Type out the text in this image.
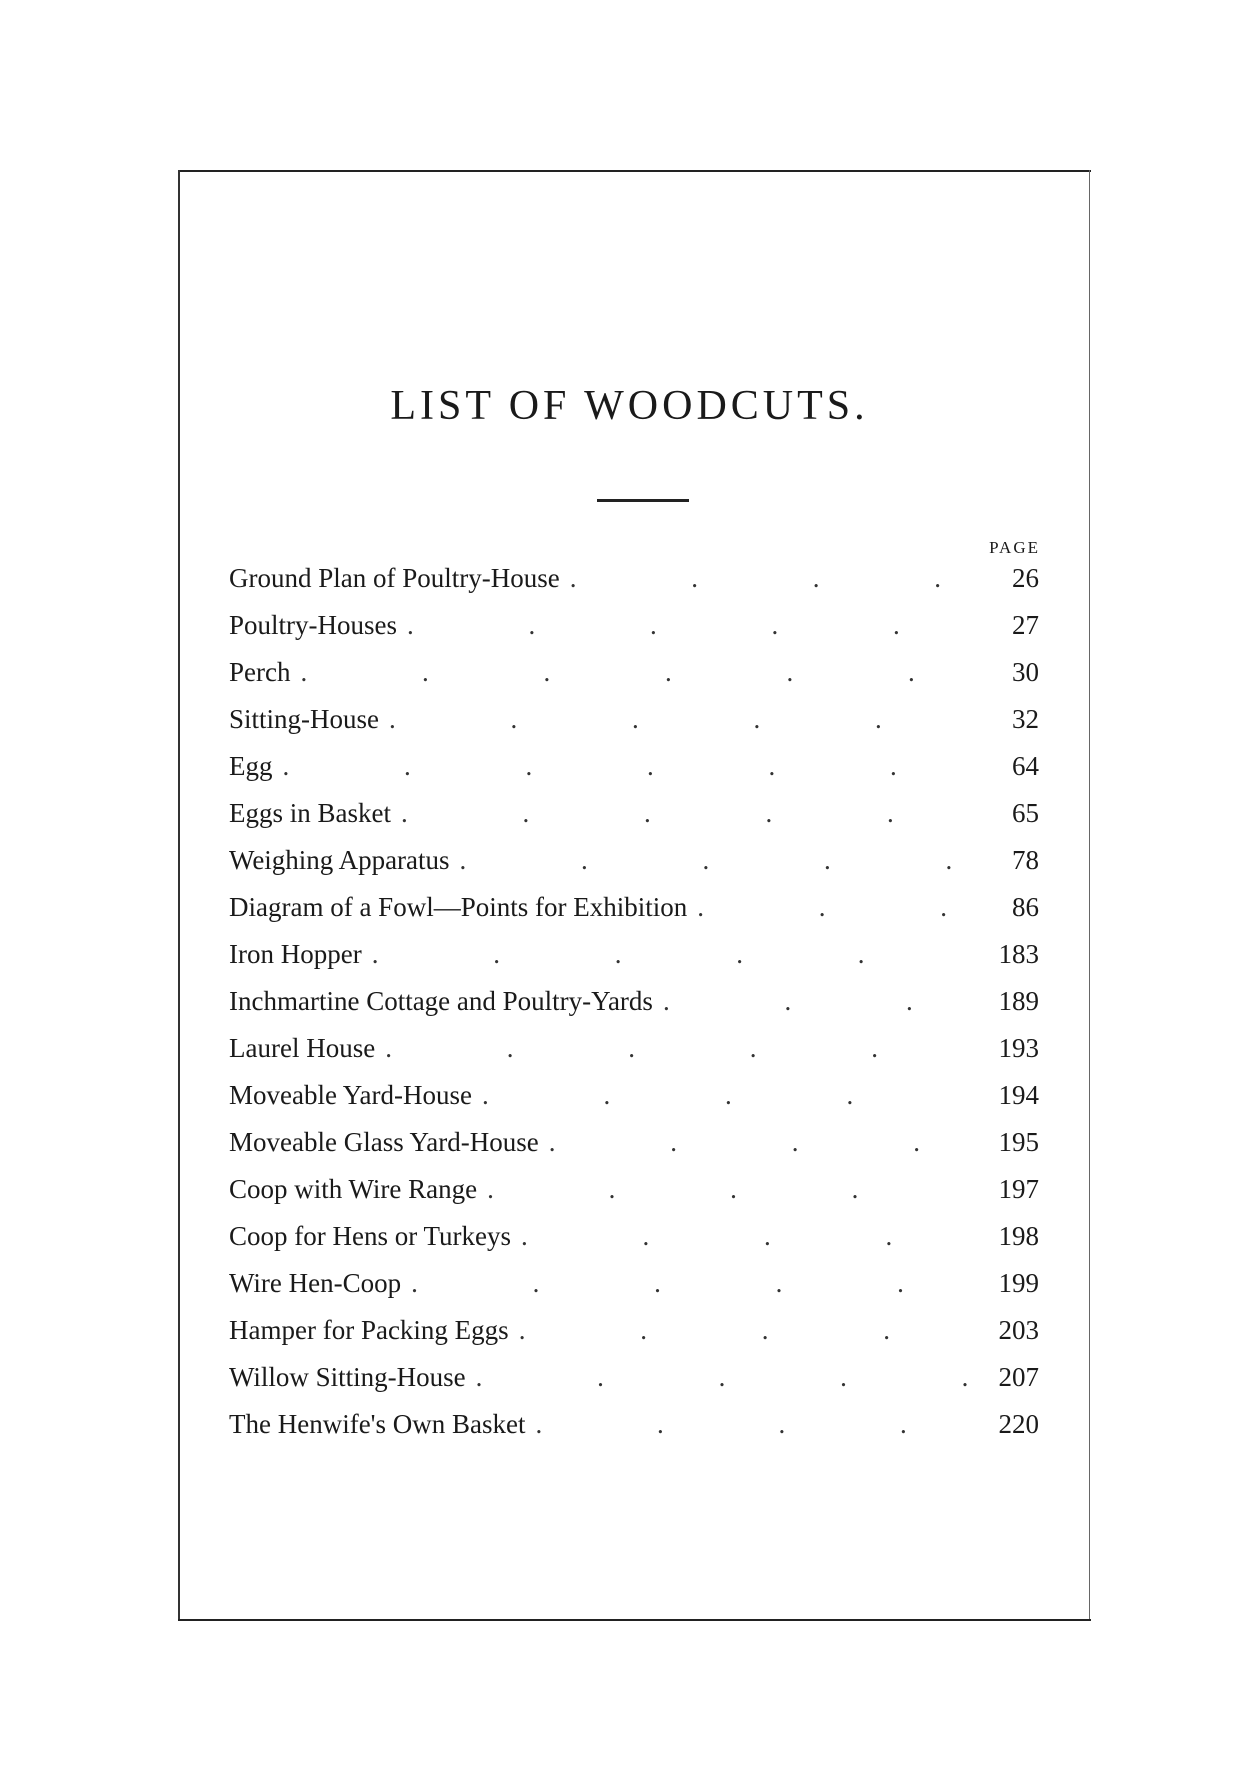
LIST OF WOODCUTS.
PAGE
Ground Plan of Poultry-House .	26
Poultry-Houses .	27
Perch .	30
Sitting-House .	32
Egg .	64
Eggs in Basket .	65
Weighing Apparatus .	78
Diagram of a Fowl—Points for Exhibition .	86
Iron Hopper .	183
Inchmartine Cottage and Poultry-Yards .	189
Laurel House .	193
Moveable Yard-House .	194
Moveable Glass Yard-House .	195
Coop with Wire Range .	197
Coop for Hens or Turkeys .	198
Wire Hen-Coop .	199
Hamper for Packing Eggs .	203
Willow Sitting-House .	207
The Henwife's Own Basket .	220
